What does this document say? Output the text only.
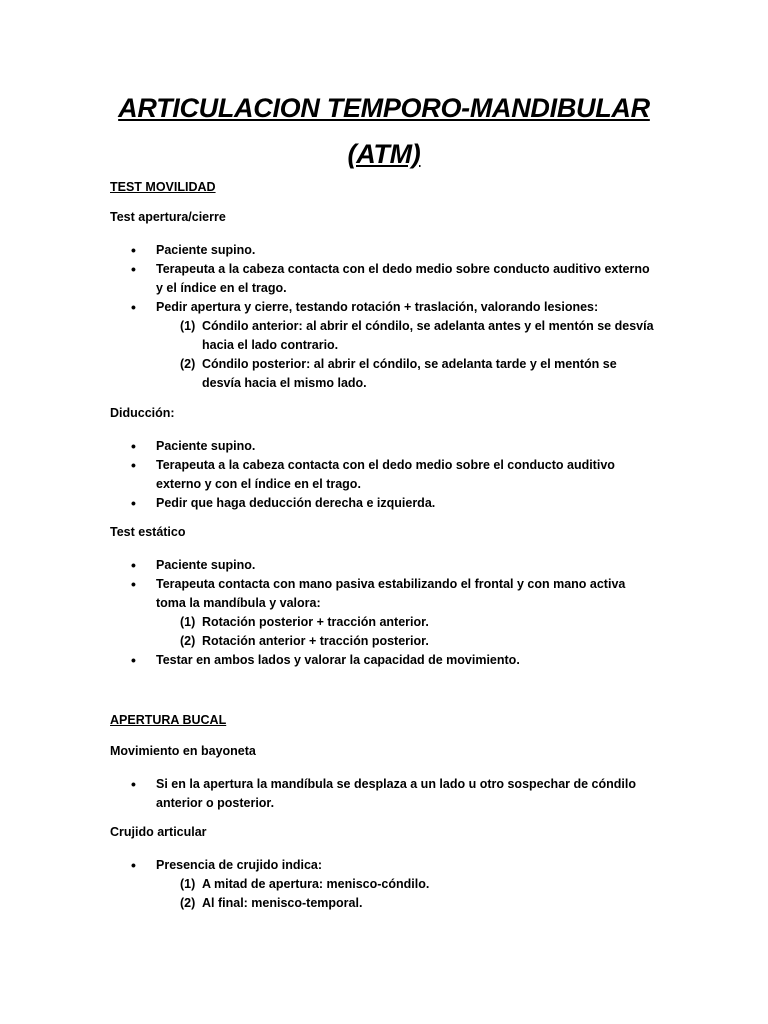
ARTICULACION TEMPORO-MANDIBULAR
(ATM)

TEST MOVILIDAD

Test apertura/cierre

• Paciente supino.
• Terapeuta a la cabeza contacta con el dedo medio sobre conducto auditivo externo y el índice en el trago.
• Pedir apertura y cierre, testando rotación + traslación, valorando lesiones:
(1) Cóndilo anterior: al abrir el cóndilo, se adelanta antes y el mentón se desvía hacia el lado contrario.
(2) Cóndilo posterior: al abrir el cóndilo, se adelanta tarde y el mentón se desvía hacia el mismo lado.

Diducción:

• Paciente supino.
• Terapeuta a la cabeza contacta con el dedo medio sobre el conducto auditivo externo y con el índice en el trago.
• Pedir que haga deducción derecha e izquierda.

Test estático

• Paciente supino.
• Terapeuta contacta con mano pasiva estabilizando el frontal y con mano activa toma la mandíbula y valora:
(1) Rotación posterior + tracción anterior.
(2) Rotación anterior + tracción posterior.
• Testar en ambos lados y valorar la capacidad de movimiento.

APERTURA BUCAL

Movimiento en bayoneta

• Si en la apertura la mandíbula se desplaza a un lado u otro sospechar de cóndilo anterior o posterior.

Crujido articular

• Presencia de crujido indica:
(1) A mitad de apertura: menisco-cóndilo.
(2) Al final: menisco-temporal.
